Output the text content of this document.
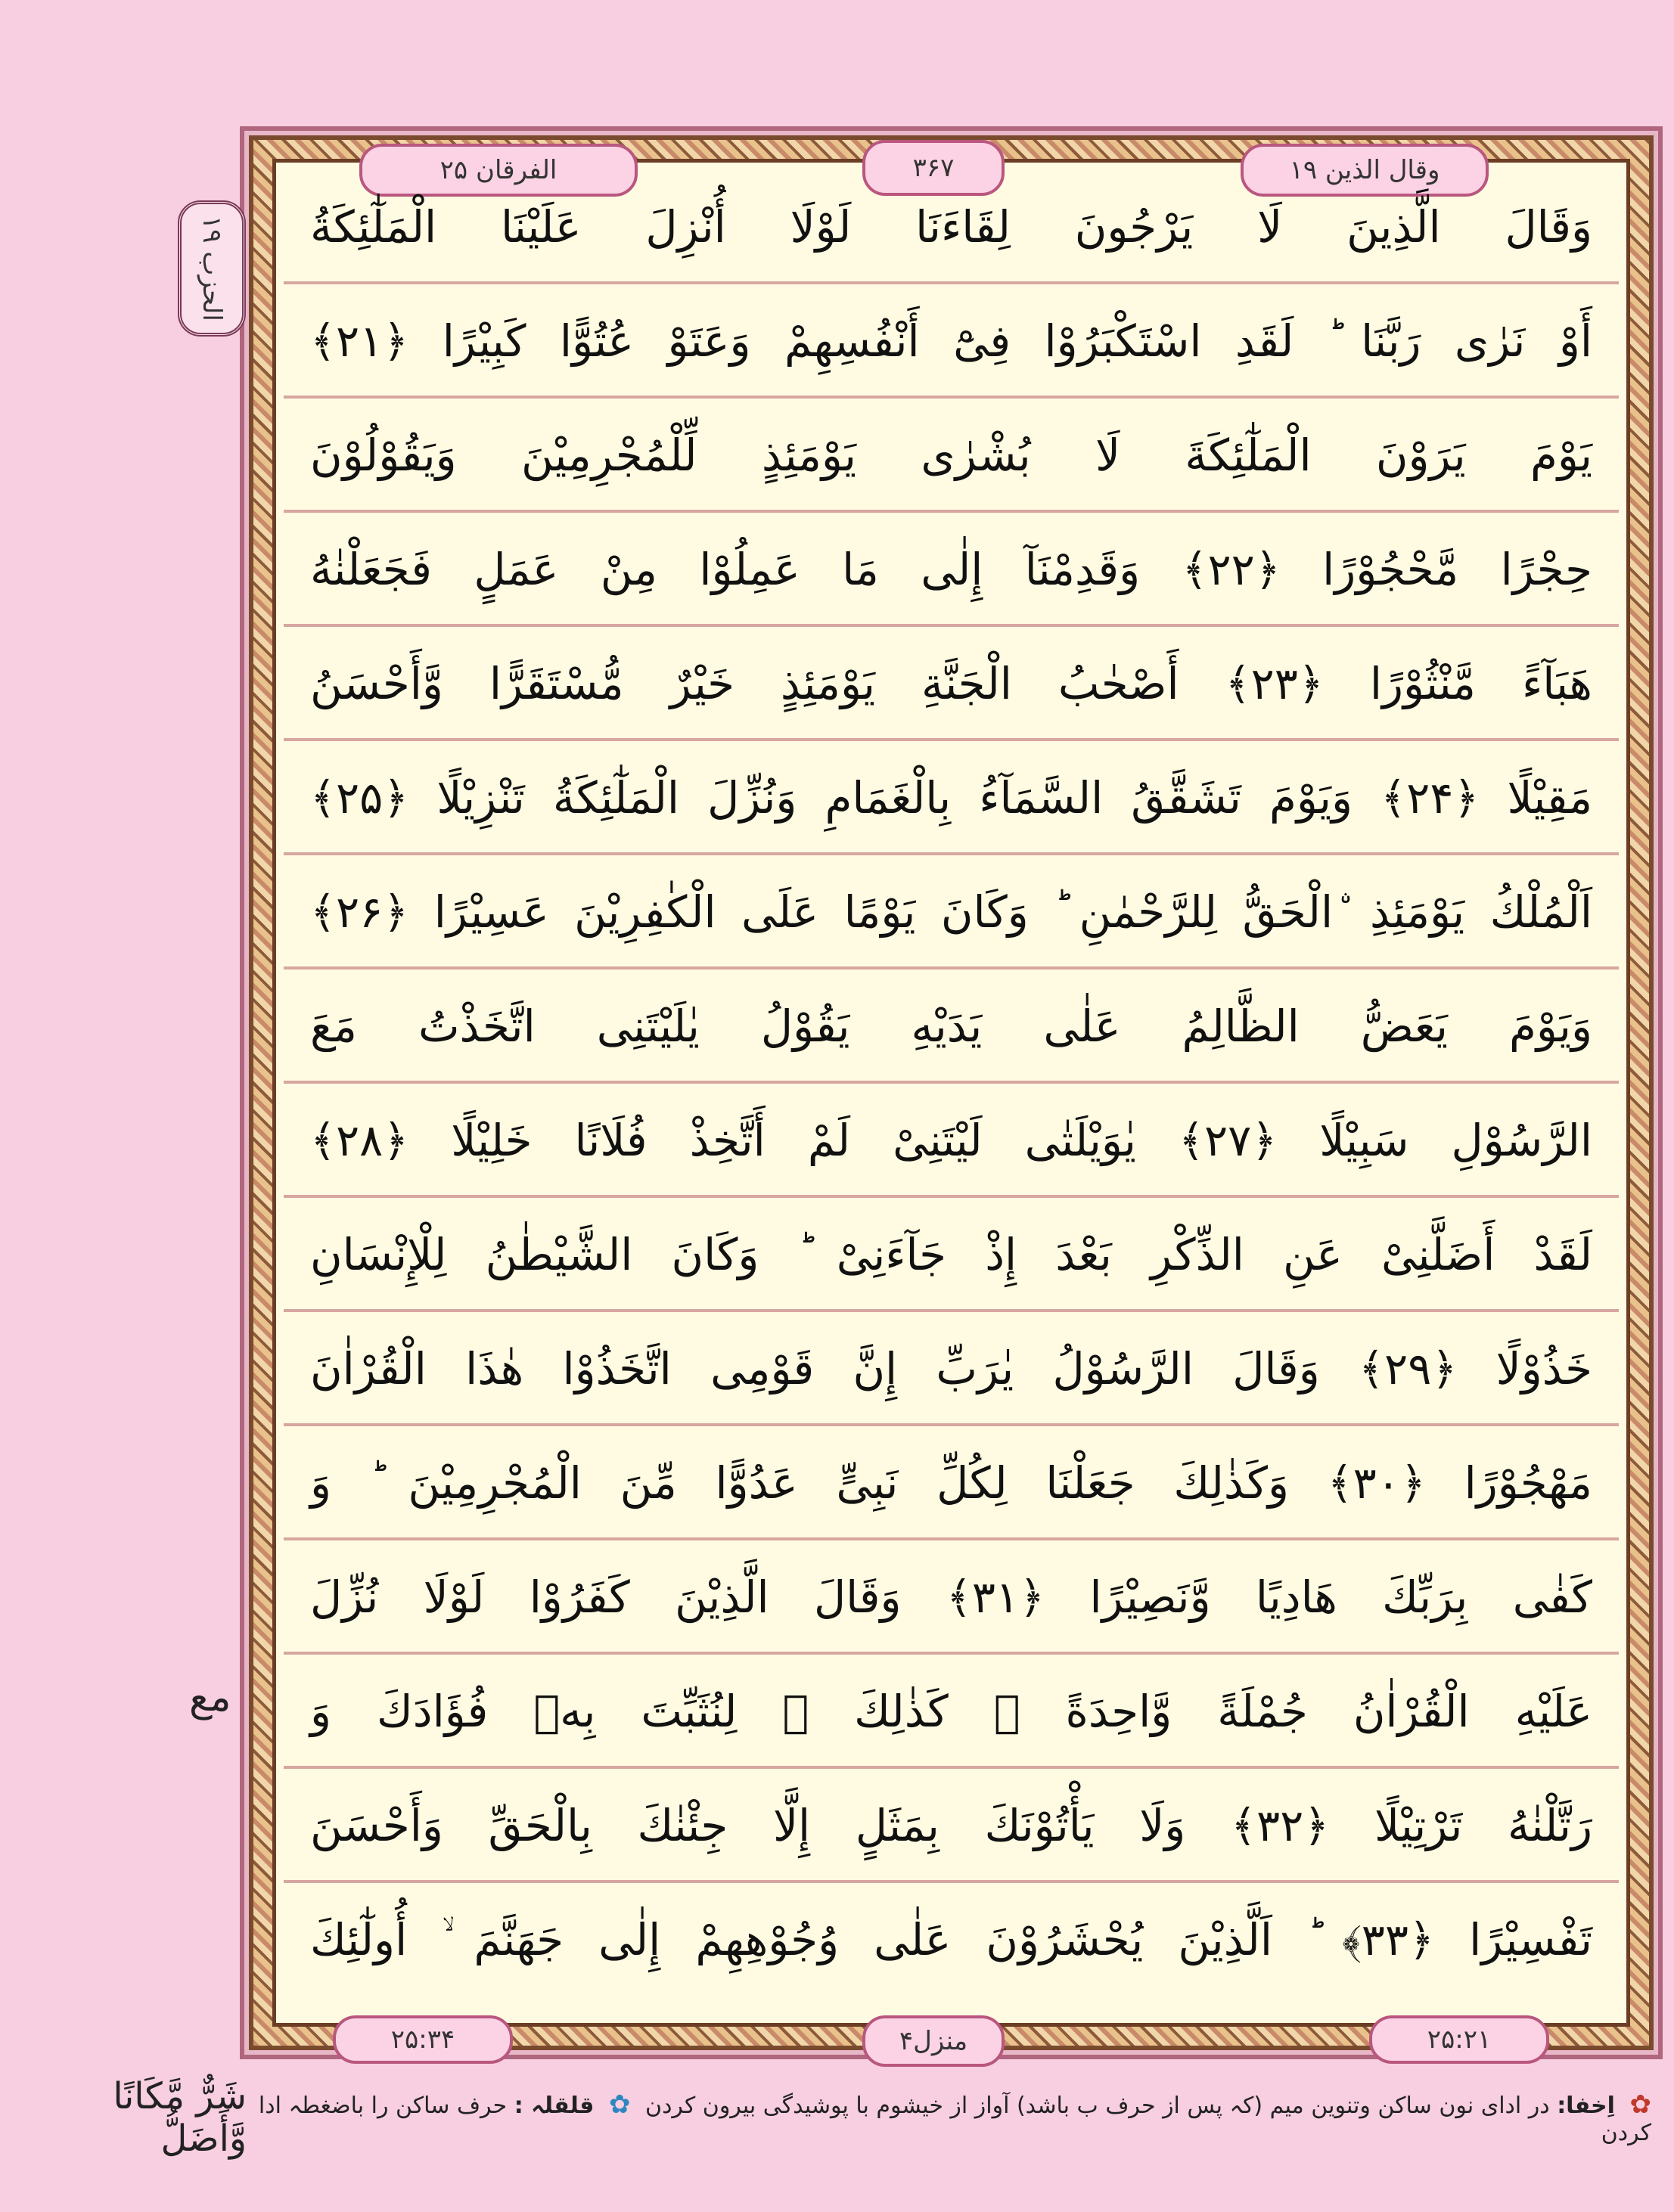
وقال الذین ۱۹
۳۶۷
الفرقان ۲۵
الحزب ۱۹
وَقَالَ الَّذِينَ لَا يَرْجُونَ لِقَاءَنَا لَوْلَا أُنْزِلَ عَلَيْنَا الْمَلٰٓئِكَةُ
أَوْ نَرٰى رَبَّنَا ؕ لَقَدِ اسْتَكْبَرُوْا فِیْٓ أَنْفُسِهِمْ وَعَتَوْ عُتُوًّا كَبِيْرًا ﴿۲۱﴾
يَوْمَ يَرَوْنَ الْمَلٰٓئِكَةَ لَا بُشْرٰى يَوْمَئِذٍ لِّلْمُجْرِمِيْنَ وَيَقُوْلُوْنَ
حِجْرًا مَّحْجُوْرًا ﴿۲۲﴾ وَقَدِمْنَآ إِلٰى مَا عَمِلُوْا مِنْ عَمَلٍ فَجَعَلْنٰهُ
هَبَآءً مَّنْثُوْرًا ﴿۲۳﴾ أَصْحٰبُ الْجَنَّةِ يَوْمَئِذٍ خَيْرٌ مُّسْتَقَرًّا وَّأَحْسَنُ
مَقِيْلًا ﴿۲۴﴾ وَيَوْمَ تَشَقَّقُ السَّمَآءُ بِالْغَمَامِ وَنُزِّلَ الْمَلٰٓئِكَةُ تَنْزِيْلًا ﴿۲۵﴾
اَلْمُلْكُ يَوْمَئِذِ ۨالْحَقُّ لِلرَّحْمٰنِ ؕ وَكَانَ يَوْمًا عَلَى الْكٰفِرِيْنَ عَسِيْرًا ﴿۲۶﴾
وَيَوْمَ يَعَضُّ الظَّالِمُ عَلٰى يَدَيْهِ يَقُوْلُ يٰلَيْتَنِى اتَّخَذْتُ مَعَ
الرَّسُوْلِ سَبِيْلًا ﴿۲۷﴾ يٰوَيْلَتٰى لَيْتَنِیْ لَمْ أَتَّخِذْ فُلَانًا خَلِيْلًا ﴿۲۸﴾
لَقَدْ أَضَلَّنِیْ عَنِ الذِّكْرِ بَعْدَ إِذْ جَآءَنِیْ ؕ وَكَانَ الشَّيْطٰنُ لِلْإِنْسَانِ
خَذُوْلًا ﴿۲۹﴾ وَقَالَ الرَّسُوْلُ يٰرَبِّ إِنَّ قَوْمِی اتَّخَذُوْا هٰذَا الْقُرْاٰنَ
مَهْجُوْرًا ﴿۳۰﴾ وَكَذٰلِكَ جَعَلْنَا لِكُلِّ نَبِیٍّ عَدُوًّا مِّنَ الْمُجْرِمِيْنَ ؕ وَ
كَفٰى بِرَبِّكَ هَادِيًا وَّنَصِيْرًا ﴿۳۱﴾ وَقَالَ الَّذِيْنَ كَفَرُوْا لَوْلَا نُزِّلَ
عَلَيْهِ الْقُرْاٰنُ جُمْلَةً وَّاحِدَةً ۛ كَذٰلِكَ ۛ لِنُثَبِّتَ بِهٖ فُؤَادَكَ وَ
رَتَّلْنٰهُ تَرْتِيْلًا ﴿۳۲﴾ وَلَا يَأْتُوْنَكَ بِمَثَلٍ إِلَّا جِئْنٰكَ بِالْحَقِّ وَأَحْسَنَ
تَفْسِيْرًا ﴿۳۳﴾ ؕ اَلَّذِيْنَ يُحْشَرُوْنَ عَلٰى وُجُوْهِهِمْ إِلٰى جَهَنَّمَ ۙ أُولٰٓئِكَ
مع
۲۵:۲۱
منزل۴
۲۵:۳۴
✿ اِخفا: در ادای نون ساکن وتنوین میم (کہ پس از حرف ب باشد) آواز از خیشوم با پوشیدگی بیرون کردن ✿ قلقلہ : حرف ساکن را باضغطہ ادا کردن
شَرٌّ مَّكَانًا وَّأَضَلُّ
